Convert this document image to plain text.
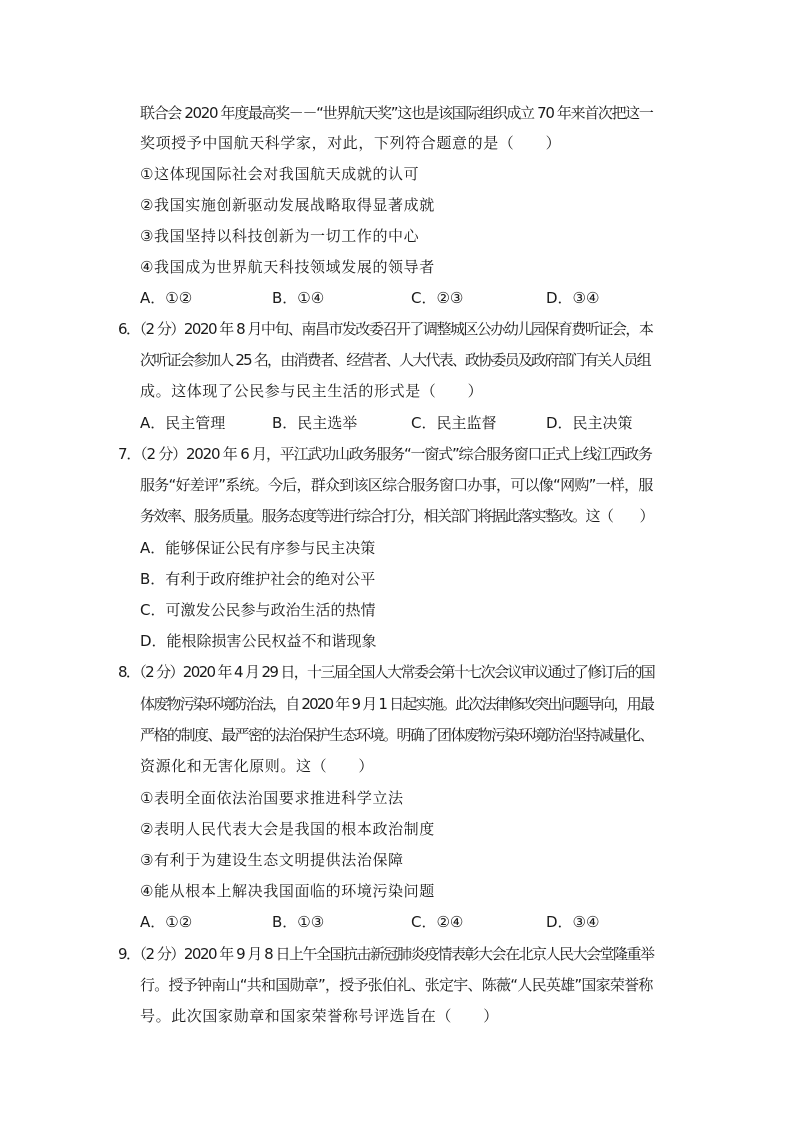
联合会 2020 年度最高奖－－“世界航天奖”这也是该国际组织成立 70 年来首次把这一
奖项授予中国航天科学家，对此，下列符合题意的是（　　）
①这体现国际社会对我国航天成就的认可
②我国实施创新驱动发展战略取得显著成就
③我国坚持以科技创新为一切工作的中心
④我国成为世界航天科技领域发展的领导者
A．①②	B．①④	C．②③	D．③④
6．（2 分）2020 年 8 月中旬、南昌市发改委召开了调整城区公办幼儿园保育费听证会，本
次听证会参加人 25 名，由消费者、经营者、人大代表、政协委员及政府部门有关人员组
成。这体现了公民参与民主生活的形式是（　　）
A．民主管理	B．民主选举	C．民主监督	D．民主决策
7．（2 分）2020 年 6 月，平江武功山政务服务“一窗式”综合服务窗口正式上线江西政务
服务“好差评”系统。今后，群众到该区综合服务窗口办事，可以像“网购”一样，服
务效率、服务质量。服务态度等进行综合打分，相关部门将据此落实整改。这（　　）
A．能够保证公民有序参与民主决策
B．有利于政府维护社会的绝对公平
C．可激发公民参与政治生活的热情
D．能根除损害公民权益不和谐现象
8．（2 分）2020 年 4 月 29 日，十三届全国人大常委会第十七次会议审议通过了修订后的国
体废物污染环境防治法，自 2020 年 9 月 1 日起实施。此次法律修改突出问题导向，用最
严格的制度、最严密的法治保护生态环境。明确了团体废物污染环境防治坚持减量化、
资源化和无害化原则。这（　　）
①表明全面依法治国要求推进科学立法
②表明人民代表大会是我国的根本政治制度
③有利于为建设生态文明提供法治保障
④能从根本上解决我国面临的环境污染问题
A．①②	B．①③	C．②④	D．③④
9．（2 分）2020 年 9 月 8 日上午全国抗击新冠肺炎疫情表彰大会在北京人民大会堂隆重举
行。授予钟南山“共和国勋章”，授予张伯礼、张定宇、陈薇“人民英雄”国家荣誉称
号。此次国家勋章和国家荣誉称号评选旨在（　　）
